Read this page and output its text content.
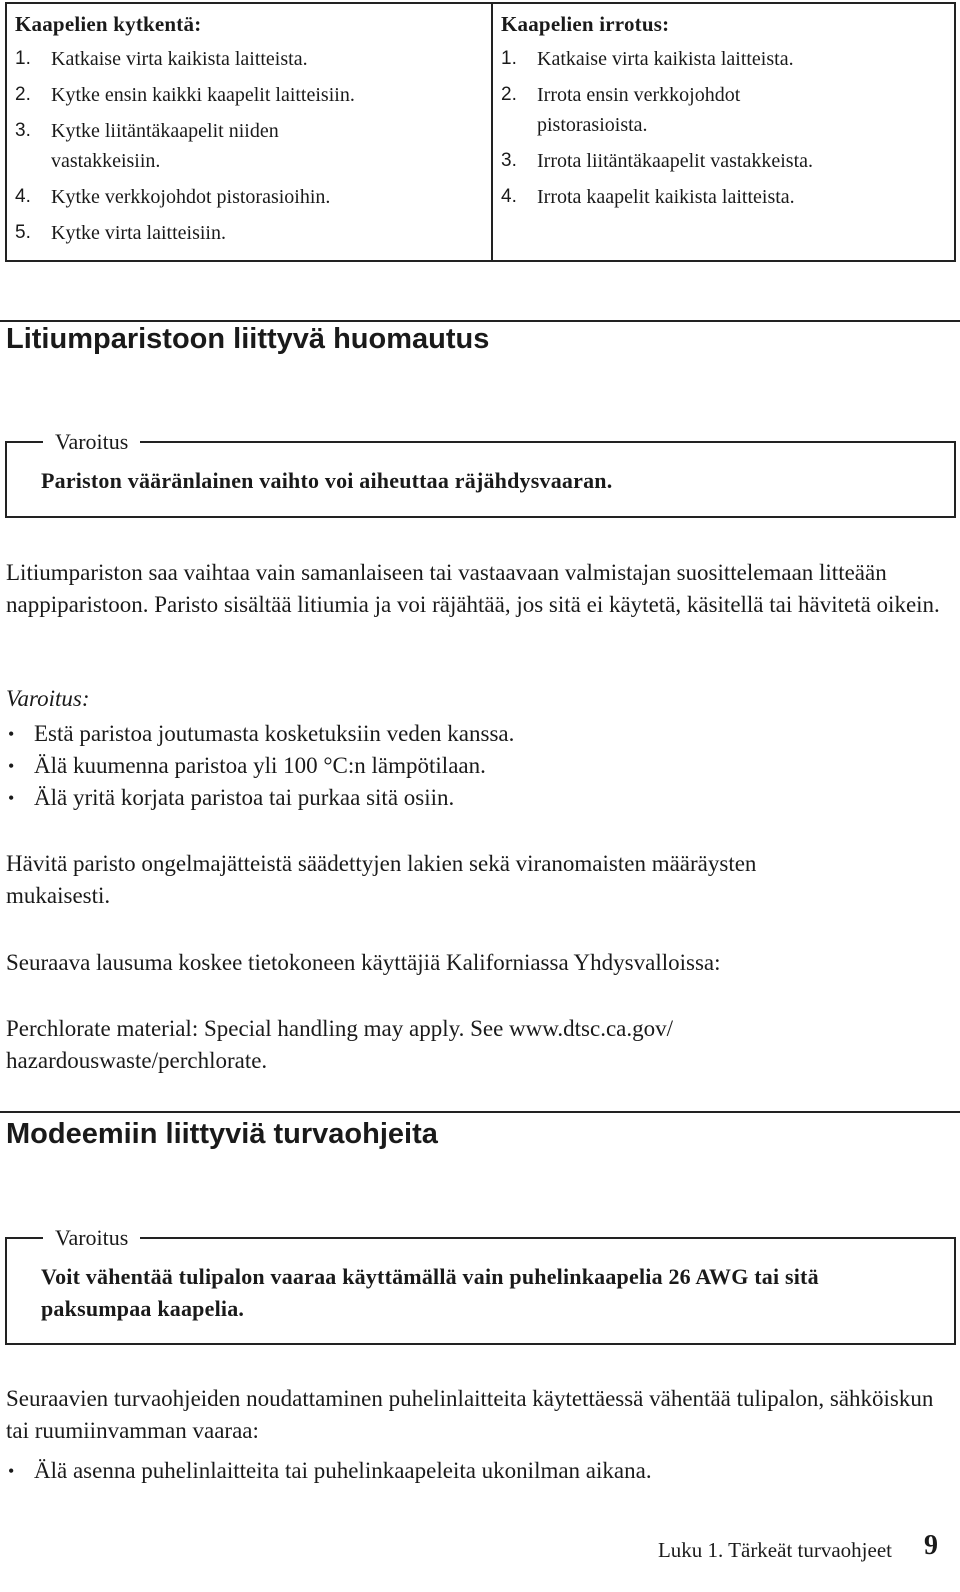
Kaapelien kytkentä:
1. Katkaise virta kaikista laitteista.
2. Kytke ensin kaikki kaapelit laitteisiin.
3. Kytke liitäntäkaapelit niiden vastakkeisiin.
4. Kytke verkkojohdot pistorasioihin.
5. Kytke virta laitteisiin.
Kaapelien irrotus:
1. Katkaise virta kaikista laitteista.
2. Irrota ensin verkkojohdot pistorasioista.
3. Irrota liitäntäkaapelit vastakkeista.
4. Irrota kaapelit kaikista laitteista.
Litiumparistoon liittyvä huomautus
Varoitus
Pariston vääränlainen vaihto voi aiheuttaa räjähdysvaaran.

Litiumpariston saa vaihtaa vain samanlaiseen tai vastaavaan valmistajan suosittelemaan litteään nappiparistoon. Paristo sisältää litiumia ja voi räjähtää, jos sitä ei käytetä, käsitellä tai hävitetä oikein.

Varoitus:
• Estä paristoa joutumasta kosketuksiin veden kanssa.
• Älä kuumenna paristoa yli 100 °C:n lämpötilaan.
• Älä yritä korjata paristoa tai purkaa sitä osiin.

Hävitä paristo ongelmajätteistä säädettyjen lakien sekä viranomaisten määräysten mukaisesti.

Seuraava lausuma koskee tietokoneen käyttäjiä Kaliforniassa Yhdysvalloissa:

Perchlorate material: Special handling may apply. See www.dtsc.ca.gov/ hazardouswaste/perchlorate.

Modeemiin liittyviä turvaohjeita
Varoitus
Voit vähentää tulipalon vaaraa käyttämällä vain puhelinkaapelia 26 AWG tai sitä paksumpaa kaapelia.

Seuraavien turvaohjeiden noudattaminen puhelinlaitteita käytettäessä vähentää tulipalon, sähköiskun tai ruumiinvamman vaaraa:

• Älä asenna puhelinlaitteita tai puhelinkaapeleita ukonilman aikana.
Luku 1. Tärkeät turvaohjeet 9
